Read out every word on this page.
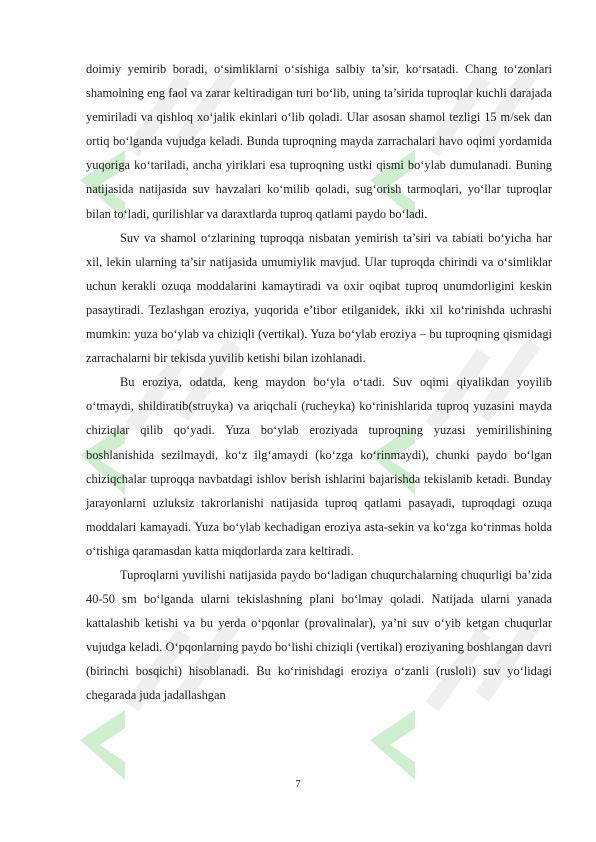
doimiy yemirib boradi, o‘simliklarni o‘sishiga salbiy ta’sir, ko‘rsatadi. Chang to‘zonlari shamolning eng faol va zarar keltiradigan turi bo‘lib, uning ta’sirida tuproqlar kuchli darajada yemiriladi va qishloq xo‘jalik ekinlari o‘lib qoladi. Ular asosan shamol tezligi 15 m/sek dan ortiq bo‘lganda vujudga keladi. Bunda tuproqning mayda zarrachalari havo oqimi yordamida yuqoriga ko‘tariladi, ancha yiriklari esa tuproqning ustki qismi bo‘ylab dumulanadi. Buning natijasida natijasida suv havzalari ko‘milib qoladi, sug‘orish tarmoqlari, yo‘llar tuproqlar bilan to‘ladi, qurilishlar va daraxtlarda tuproq qatlami paydo bo‘ladi.

Suv va shamol o‘zlarining tuproqqa nisbatan yemirish ta’siri va tabiati bo‘yicha har xil, lekin ularning ta’sir natijasida umumiylik mavjud. Ular tuproqda chirindi va o‘simliklar uchun kerakli ozuqa moddalarini kamaytiradi va oxir oqibat tuproq unumdorligini keskin pasaytiradi. Tezlashgan eroziya, yuqorida e’tibor etilganidek, ikki xil ko‘rinishda uchrashi mumkin: yuza bo‘ylab va chiziqli (vertikal). Yuza bo‘ylab eroziya – bu tuproqning qismidagi zarrachalarni bir tekisda yuvilib ketishi bilan izohlanadi.

Bu eroziya, odatda, keng maydon bo‘yla o‘tadi. Suv oqimi qiyalikdan yoyilib o‘tmaydi, shildiratib(struyka) va ariqchali (rucheyka) ko‘rinishlarida tuproq yuzasini mayda chiziqlar qilib qo‘yadi. Yuza bo‘ylab eroziyada tuproqning yuzasi yemirilishining boshlanishida sezilmaydi, ko‘z ilg‘amaydi (ko‘zga ko‘rinmaydi), chunki paydo bo‘lgan chiziqchalar tuproqqa navbatdagi ishlov berish ishlarini bajarishda tekislanib ketadi. Bunday jarayonlarni uzluksiz takrorlanishi natijasida tuproq qatlami pasayadi, tuproqdagi ozuqa moddalari kamayadi. Yuza bo‘ylab kechadigan eroziya asta-sekin va ko‘zga ko‘rinmas holda o‘tishiga qaramasdan katta miqdorlarda zara keltiradi.

Tuproqlarni yuvilishi natijasida paydo bo‘ladigan chuqurchalarning chuqurligi ba’zida 40-50 sm bo‘lganda ularni tekislashning plani bo‘lmay qoladi. Natijada ularni yanada kattalashib ketishi va bu yerda o‘pqonlar (provalinalar), ya’ni suv o‘yib ketgan chuqurlar vujudga keladi. O‘pqonlarning paydo bo‘lishi chiziqli (vertikal) eroziyaning boshlangan davri (birinchi bosqichi) hisoblanadi. Bu ko‘rinishdagi eroziya o‘zanli (rusloli) suv yo‘lidagi chegarada juda jadallashgan

7
